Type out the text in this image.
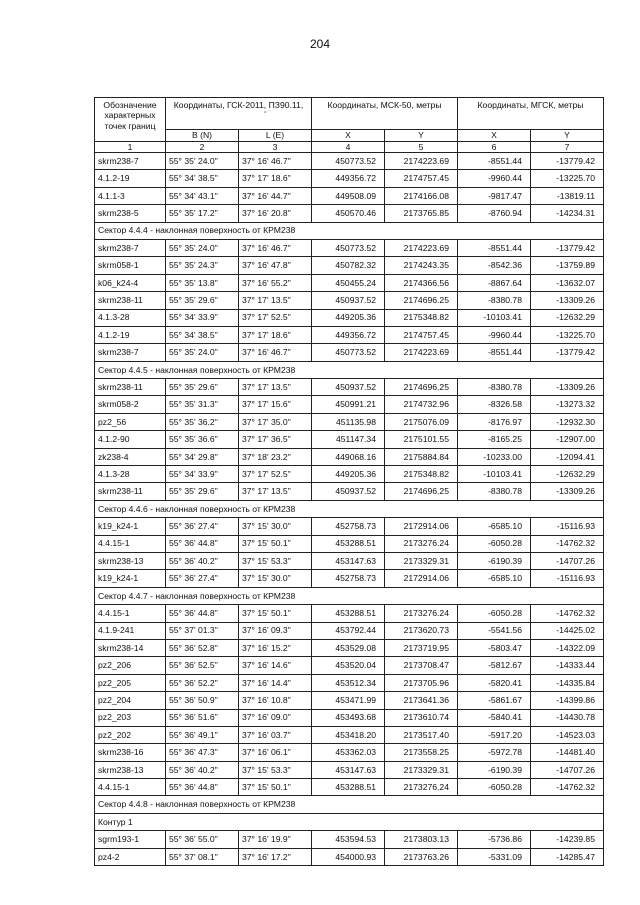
204
Обозначение характерных точек границ	Координаты, ГСК-2011, ПЗ90.11,
о ' "		Координаты, МСК-50, метры		Координаты, МГСК, метры	
	B (N)	L (E)	X	Y	X	Y
1	2	3	4	5	6	7
skrm238-7	55° 35' 24.0"	37° 16' 46.7"	450773.52	2174223.69	-8551.44	-13779.42
4.1.2-19	55° 34' 38.5"	37° 17' 18.6"	449356.72	2174757.45	-9960.44	-13225.70
4.1.1-3	55° 34' 43.1"	37° 16' 44.7"	449508.09	2174166.08	-9817.47	-13819.11
skrm238-5	55° 35' 17.2"	37° 16' 20.8"	450570.46	2173765.85	-8760.94	-14234.31
Сектор 4.4.4 - наклонная поверхность от КРМ238						
skrm238-7	55° 35' 24.0"	37° 16' 46.7"	450773.52	2174223.69	-8551.44	-13779.42
skrm058-1	55° 35' 24.3"	37° 16' 47.8"	450782.32	2174243.35	-8542.36	-13759.89
k06_k24-4	55° 35' 13.8"	37° 16' 55.2"	450455.24	2174366.56	-8867.64	-13632.07
skrm238-11	55° 35' 29.6"	37° 17' 13.5"	450937.52	2174696.25	-8380.78	-13309.26
4.1.3-28	55° 34' 33.9"	37° 17' 52.5"	449205.36	2175348.82	-10103.41	-12632.29
4.1.2-19	55° 34' 38.5"	37° 17' 18.6"	449356.72	2174757.45	-9960.44	-13225.70
skrm238-7	55° 35' 24.0"	37° 16' 46.7"	450773.52	2174223.69	-8551.44	-13779.42
Сектор 4.4.5 - наклонная поверхность от КРМ238						
skrm238-11	55° 35' 29.6"	37° 17' 13.5"	450937.52	2174696.25	-8380.78	-13309.26
skrm058-2	55° 35' 31.3"	37° 17' 15.6"	450991.21	2174732.96	-8326.58	-13273.32
pz2_56	55° 35' 36.2"	37° 17' 35.0"	451135.98	2175076.09	-8176.97	-12932.30
4.1.2-90	55° 35' 36.6"	37° 17' 36.5"	451147.34	2175101.55	-8165.25	-12907.00
zk238-4	55° 34' 29.8"	37° 18' 23.2"	449068.16	2175884.84	-10233.00	-12094.41
4.1.3-28	55° 34' 33.9"	37° 17' 52.5"	449205.36	2175348.82	-10103.41	-12632.29
skrm238-11	55° 35' 29.6"	37° 17' 13.5"	450937.52	2174696.25	-8380.78	-13309.26
Сектор 4.4.6 - наклонная поверхность от КРМ238						
k19_k24-1	55° 36' 27.4"	37° 15' 30.0"	452758.73	2172914.06	-6585.10	-15116.93
4.4.15-1	55° 36' 44.8"	37° 15' 50.1"	453288.51	2173276.24	-6050.28	-14762.32
skrm238-13	55° 36' 40.2"	37° 15' 53.3"	453147.63	2173329.31	-6190.39	-14707.26
k19_k24-1	55° 36' 27.4"	37° 15' 30.0"	452758.73	2172914.06	-6585.10	-15116.93
Сектор 4.4.7 - наклонная поверхность от КРМ238						
4.4.15-1	55° 36' 44.8"	37° 15' 50.1"	453288.51	2173276.24	-6050.28	-14762.32
4.1.9-241	55° 37' 01.3"	37° 16' 09.3"	453792.44	2173620.73	-5541.56	-14425.02
skrm238-14	55° 36' 52.8"	37° 16' 15.2"	453529.08	2173719.95	-5803.47	-14322.09
pz2_206	55° 36' 52.5"	37° 16' 14.6"	453520.04	2173708.47	-5812.67	-14333.44
pz2_205	55° 36' 52.2"	37° 16' 14.4"	453512.34	2173705.96	-5820.41	-14335.84
pz2_204	55° 36' 50.9"	37° 16' 10.8"	453471.99	2173641.36	-5861.67	-14399.86
pz2_203	55° 36' 51.6"	37° 16' 09.0"	453493.68	2173610.74	-5840.41	-14430.78
pz2_202	55° 36' 49.1"	37° 16' 03.7"	453418.20	2173517.40	-5917.20	-14523.03
skrm238-16	55° 36' 47.3"	37° 16' 06.1"	453362.03	2173558.25	-5972.78	-14481.40
skrm238-13	55° 36' 40.2"	37° 15' 53.3"	453147.63	2173329.31	-6190.39	-14707.26
4.4.15-1	55° 36' 44.8"	37° 15' 50.1"	453288.51	2173276.24	-6050.28	-14762.32
Сектор 4.4.8 - наклонная поверхность от КРМ238						
Контур 1						
sgrm193-1	55° 36' 55.0"	37° 16' 19.9"	453594.53	2173803.13	-5736.86	-14239.85
pz4-2	55° 37' 08.1"	37° 16' 17.2"	454000.93	2173763.26	-5331.09	-14285.47
